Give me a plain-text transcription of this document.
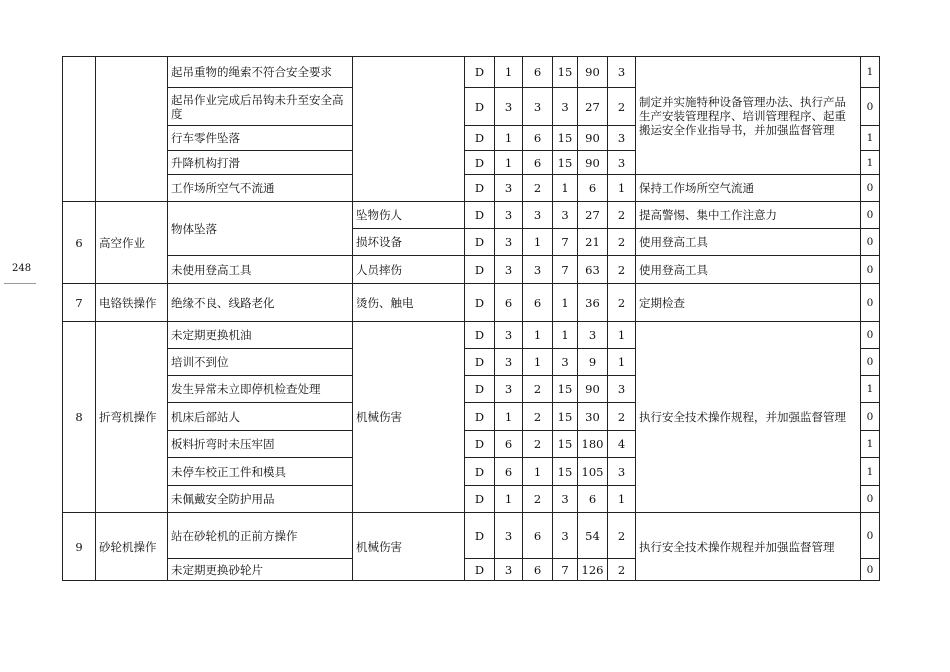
248
		起吊重物的绳索不符合安全要求		D	1	6	15	90	3	制定并实施特种设备管理办法、执行产品生产安装管理程序、培训管理程序、起重搬运安全作业指导书，并加强监督管理	1
		起吊作业完成后吊钩未升至安全高度		D	3	3	3	27	2		0
		行车零件坠落		D	1	6	15	90	3		1
		升降机构打滑		D	1	6	15	90	3		1
		工作场所空气不流通		D	3	2	1	6	1	保持工作场所空气流通	0
6	高空作业	物体坠落	坠物伤人	D	3	3	3	27	2	提高警惕、集中工作注意力	0
			损坏设备	D	3	1	7	21	2	使用登高工具	0
		未使用登高工具	人员摔伤	D	3	3	7	63	2	使用登高工具	0
7	电铬铁操作	绝缘不良、线路老化	烫伤、触电	D	6	6	1	36	2	定期检查	0
8	折弯机操作	未定期更换机油	机械伤害	D	3	1	1	3	1	执行安全技术操作规程，并加强监督管理	0
		培训不到位		D	3	1	3	9	1		0
		发生异常未立即停机检查处理		D	3	2	15	90	3		1
		机床后部站人		D	1	2	15	30	2		0
		板料折弯时未压牢固		D	6	2	15	180	4		1
		未停车校正工件和模具		D	6	1	15	105	3		1
		未佩戴安全防护用品		D	1	2	3	6	1		0
9	砂轮机操作	站在砂轮机的正前方操作	机械伤害	D	3	6	3	54	2	执行安全技术操作规程并加强监督管理	0
		未定期更换砂轮片		D	3	6	7	126	2		0
